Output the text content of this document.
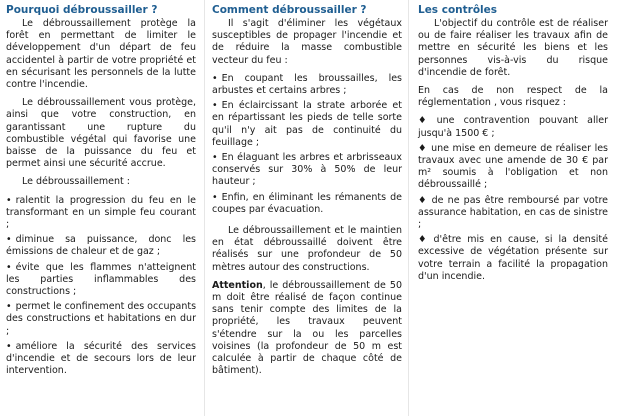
Pourquoi débroussailler ?

Le débroussaillement protège la forêt en permettant de limiter le développement d'un départ de feu accidentel à partir de votre propriété et en sécurisant les personnels de la lutte contre l'incendie.

Le débroussaillement vous protège, ainsi que votre construction, en garantissant une rupture du combustible végétal qui favorise une baisse de la puissance du feu et permet ainsi une sécurité accrue.

Le débroussaillement :

• ralentit la progression du feu en le transformant en un simple feu courant ;
• diminue sa puissance, donc les émissions de chaleur et de gaz ;
• évite que les flammes n'atteignent les parties inflammables des constructions ;
• permet le confinement des occupants des constructions et habitations en dur ;
• améliore la sécurité des services d'incendie et de secours lors de leur intervention.
Comment débroussailler ?

Il s'agit d'éliminer les végétaux susceptibles de propager l'incendie et de réduire la masse combustible vecteur du feu :

• En coupant les broussailles, les arbustes et certains arbres ;
• En éclaircissant la strate arborée et en répartissant les pieds de telle sorte qu'il n'y ait pas de continuité du feuillage ;
• En élaguant les arbres et arbrisseaux conservés sur 30% à 50% de leur hauteur ;
• Enfin, en éliminant les rémanents de coupes par évacuation.

Le débroussaillement et le maintien en état débroussaillé doivent être réalisés sur une profondeur de 50 mètres autour des constructions.

Attention, le débroussaillement de 50 m doit être réalisé de façon continue sans tenir compte des limites de la propriété, les travaux peuvent s'étendre sur la ou les parcelles voisines (la profondeur de 50 m est calculée à partir de chaque côté de bâtiment).

Les contrôles

L'objectif du contrôle est de réaliser ou de faire réaliser les travaux afin de mettre en sécurité les biens et les personnes vis-à-vis du risque d'incendie de forêt.

En cas de non respect de la réglementation , vous risquez :

♦ une contravention pouvant aller jusqu'à 1500 € ;
♦ une mise en demeure de réaliser les travaux avec une amende de 30 € par m² soumis à l'obligation et non débroussaillé ;
♦ de ne pas être remboursé par votre assurance habitation, en cas de sinistre ;
♦ d'être mis en cause, si la densité excessive de végétation présente sur votre terrain a facilité la propagation d'un incendie.
